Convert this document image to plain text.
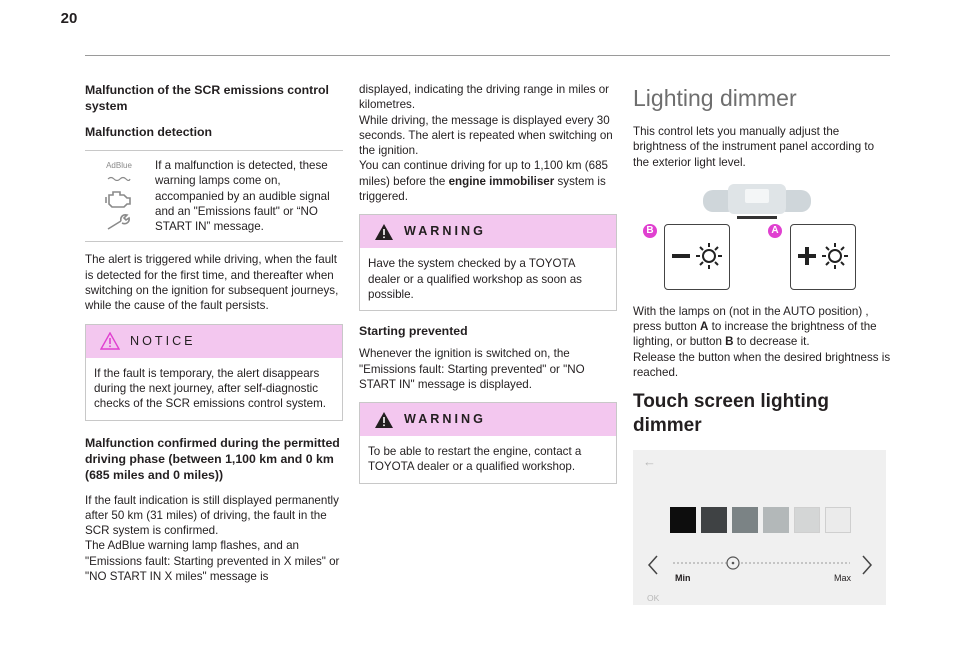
20
Malfunction of the SCR emissions control system
Malfunction detection
AdBlue If a malfunction is detected, these warning lamps come on, accompanied by an audible signal and an "Emissions fault" or “NO START IN” message.

The alert is triggered while driving, when the fault is detected for the first time, and thereafter when switching on the ignition for subsequent journeys, while the cause of the fault persists.

NOTICE
If the fault is temporary, the alert disappears during the next journey, after self-diagnostic checks of the SCR emissions control system.
Malfunction confirmed during the permitted driving phase (between 1,100 km and 0 km (685 miles and 0 miles))

If the fault indication is still displayed permanently after 50 km (31 miles) of driving, the fault in the SCR system is confirmed.
The AdBlue warning lamp flashes, and an "Emissions fault: Starting prevented in X miles" or "NO START IN X miles" message is

displayed, indicating the driving range in miles or kilometres.
While driving, the message is displayed every 30 seconds. The alert is repeated when switching on the ignition.
You can continue driving for up to 1,100 km (685 miles) before the engine immobiliser system is triggered.

WARNING
Have the system checked by a TOYOTA dealer or a qualified workshop as soon as possible.
Starting prevented

Whenever the ignition is switched on, the "Emissions fault: Starting prevented" or "NO START IN" message is displayed.

WARNING
To be able to restart the engine, contact a TOYOTA dealer or a qualified workshop.
Lighting dimmer

This control lets you manually adjust the brightness of the instrument panel according to the exterior light level.

B	A

With the lamps on (not in the AUTO position) , press button A to increase the brightness of the lighting, or button B to decrease it.
Release the button when the desired brightness is reached.

Touch screen lighting dimmer
←
Min	Max
OK
